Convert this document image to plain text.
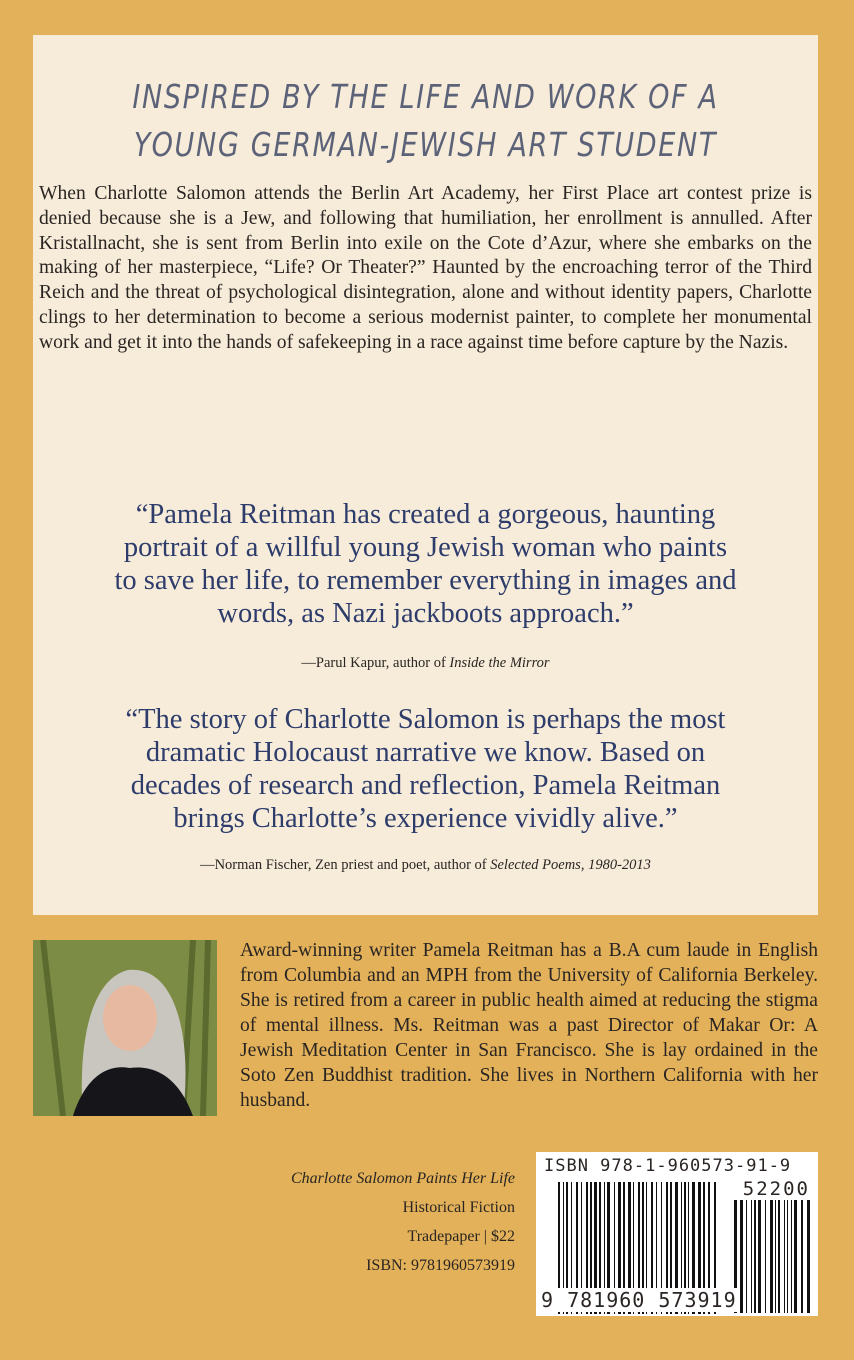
INSPIRED BY THE LIFE AND WORK OF A
YOUNG GERMAN-JEWISH ART STUDENT

When Charlotte Salomon attends the Berlin Art Academy, her First Place art contest prize is denied because she is a Jew, and following that humiliation, her enrollment is annulled. After Kristallnacht, she is sent from Berlin into exile on the Cote d’Azur, where she embarks on the making of her masterpiece, “Life? Or Theater?” Haunted by the encroaching terror of the Third Reich and the threat of psychological disintegration, alone and without identity papers, Charlotte clings to her determination to become a serious modernist painter, to complete her monumental work and get it into the hands of safekeeping in a race against time before capture by the Nazis.

“Pamela Reitman has created a gorgeous, haunting
portrait of a willful young Jewish woman who paints
to save her life, to remember everything in images and
words, as Nazi jackboots approach.”
—Parul Kapur, author of Inside the Mirror
“The story of Charlotte Salomon is perhaps the most
dramatic Holocaust narrative we know. Based on
decades of research and reflection, Pamela Reitman
brings Charlotte’s experience vividly alive.”
—Norman Fischer, Zen priest and poet, author of Selected Poems, 1980-2013
Award-winning writer Pamela Reitman has a B.A cum laude in English from Columbia and an MPH from the University of California Berkeley. She is retired from a career in public health aimed at reducing the stigma of mental illness. Ms. Reitman was a past Director of Makar Or: A Jewish Meditation Center in San Francisco. She is lay ordained in the Soto Zen Buddhist tradition. She lives in Northern California with her husband.
Charlotte Salomon Paints Her Life
Historical Fiction
Tradepaper | $22
ISBN: 9781960573919
ISBN 978-1-960573-91-9
52200
9 781960 573919
